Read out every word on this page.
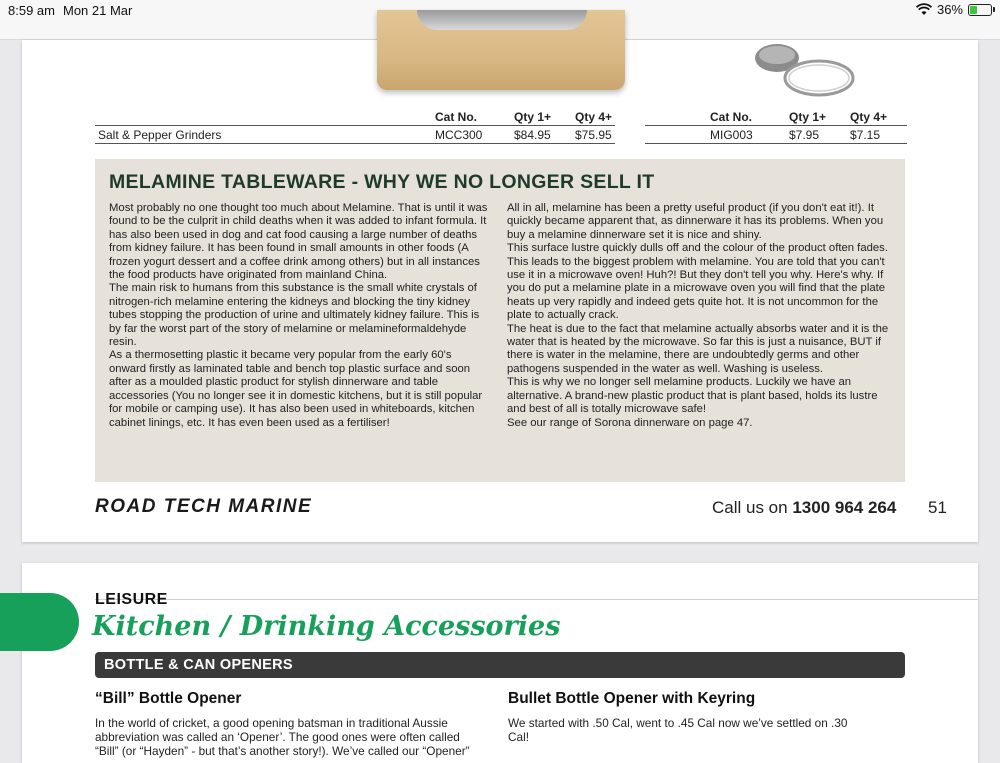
8:59 am Mon 21 Mar	36%
Cat No.	Qty 1+ Qty 4+
Salt & Pepper Grinders	MCC300	$84.95 $75.95
Cat No.	Qty 1+ Qty 4+
MIG003	$7.95	$7.15
MELAMINE TABLEWARE - WHY WE NO LONGER SELL IT

Most probably no one thought too much about Melamine. That is until it was found to be the culprit in child deaths when it was added to infant formula. It has also been used in dog and cat food causing a large number of deaths from kidney failure. It has been found in small amounts in other foods (A frozen yogurt dessert and a coffee drink among others) but in all instances the food products have originated from mainland China.

The main risk to humans from this substance is the small white crystals of nitrogen-rich melamine entering the kidneys and blocking the tiny kidney tubes stopping the production of urine and ultimately kidney failure. This is by far the worst part of the story of melamine or melamineformaldehyde resin.

As a thermosetting plastic it became very popular from the early 60's onward firstly as laminated table and bench top plastic surface and soon after as a moulded plastic product for stylish dinnerware and table accessories (You no longer see it in domestic kitchens, but it is still popular for mobile or camping use). It has also been used in whiteboards, kitchen cabinet linings, etc. It has even been used as a fertiliser!

All in all, melamine has been a pretty useful product (if you don't eat it!). It quickly became apparent that, as dinnerware it has its problems. When you buy a melamine dinnerware set it is nice and shiny.

This surface lustre quickly dulls off and the colour of the product often fades. This leads to the biggest problem with melamine. You are told that you can't use it in a microwave oven! Huh?! But they don't tell you why. Here's why. If you do put a melamine plate in a microwave oven you will find that the plate heats up very rapidly and indeed gets quite hot. It is not uncommon for the plate to actually crack.

The heat is due to the fact that melamine actually absorbs water and it is the water that is heated by the microwave. So far this is just a nuisance, BUT if there is water in the melamine, there are undoubtedly germs and other pathogens suspended in the water as well. Washing is useless.

This is why we no longer sell melamine products. Luckily we have an alternative. A brand-new plastic product that is plant based, holds its lustre and best of all is totally microwave safe!

See our range of Sorona dinnerware on page 47.

ROAD TECH MARINE	Call us on 1300 964 264 51
LEISURE
Kitchen / Drinking Accessories
BOTTLE & CAN OPENERS
“Bill” Bottle Opener	Bullet Bottle Opener with Keyring
In the world of cricket, a good opening batsman in traditional Aussie abbreviation was called an ‘Opener’. The good ones were often called “Bill” (or “Hayden” - but that’s another story!). We’ve called our “Opener”
We started with .50 Cal, went to .45 Cal now we’ve settled on .30 Cal!
